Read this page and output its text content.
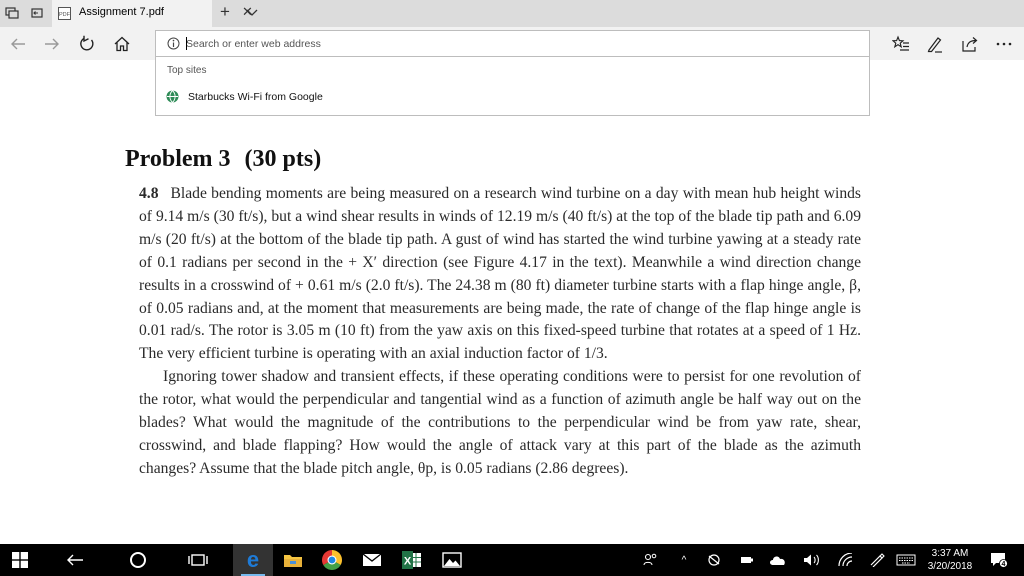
PDF Assignment 7.pdf	✕
+
Search or enter web address
Top sites
Starbucks Wi-Fi from Google
Problem 3 (30 pts)

4.8 Blade bending moments are being measured on a research wind turbine on a day with mean hub height winds of 9.14 m/s (30 ft/s), but a wind shear results in winds of 12.19 m/s (40 ft/s) at the top of the blade tip path and 6.09 m/s (20 ft/s) at the bottom of the blade tip path. A gust of wind has started the wind turbine yawing at a steady rate of 0.1 radians per second in the + X′ direction (see Figure 4.17 in the text). Meanwhile a wind direction change results in a crosswind of + 0.61 m/s (2.0 ft/s). The 24.38 m (80 ft) diameter turbine starts with a flap hinge angle, β, of 0.05 radians and, at the moment that measurements are being made, the rate of change of the flap hinge angle is 0.01 rad/s. The rotor is 3.05 m (10 ft) from the yaw axis on this fixed-speed turbine that rotates at a speed of 1 Hz. The very efficient turbine is operating with an axial induction factor of 1/3.

Ignoring tower shadow and transient effects, if these operating conditions were to persist for one revolution of the rotor, what would the perpendicular and tangential wind as a function of azimuth angle be half way out on the blades? What would the magnitude of the contributions to the perpendicular wind be from yaw rate, shear, crosswind, and blade flapping? How would the angle of attack vary at this part of the blade as the azimuth changes? Assume that the blade pitch angle, θp, is 0.05 radians (2.86 degrees).

e	X	^
3:37 AM
3/20/2018	4
